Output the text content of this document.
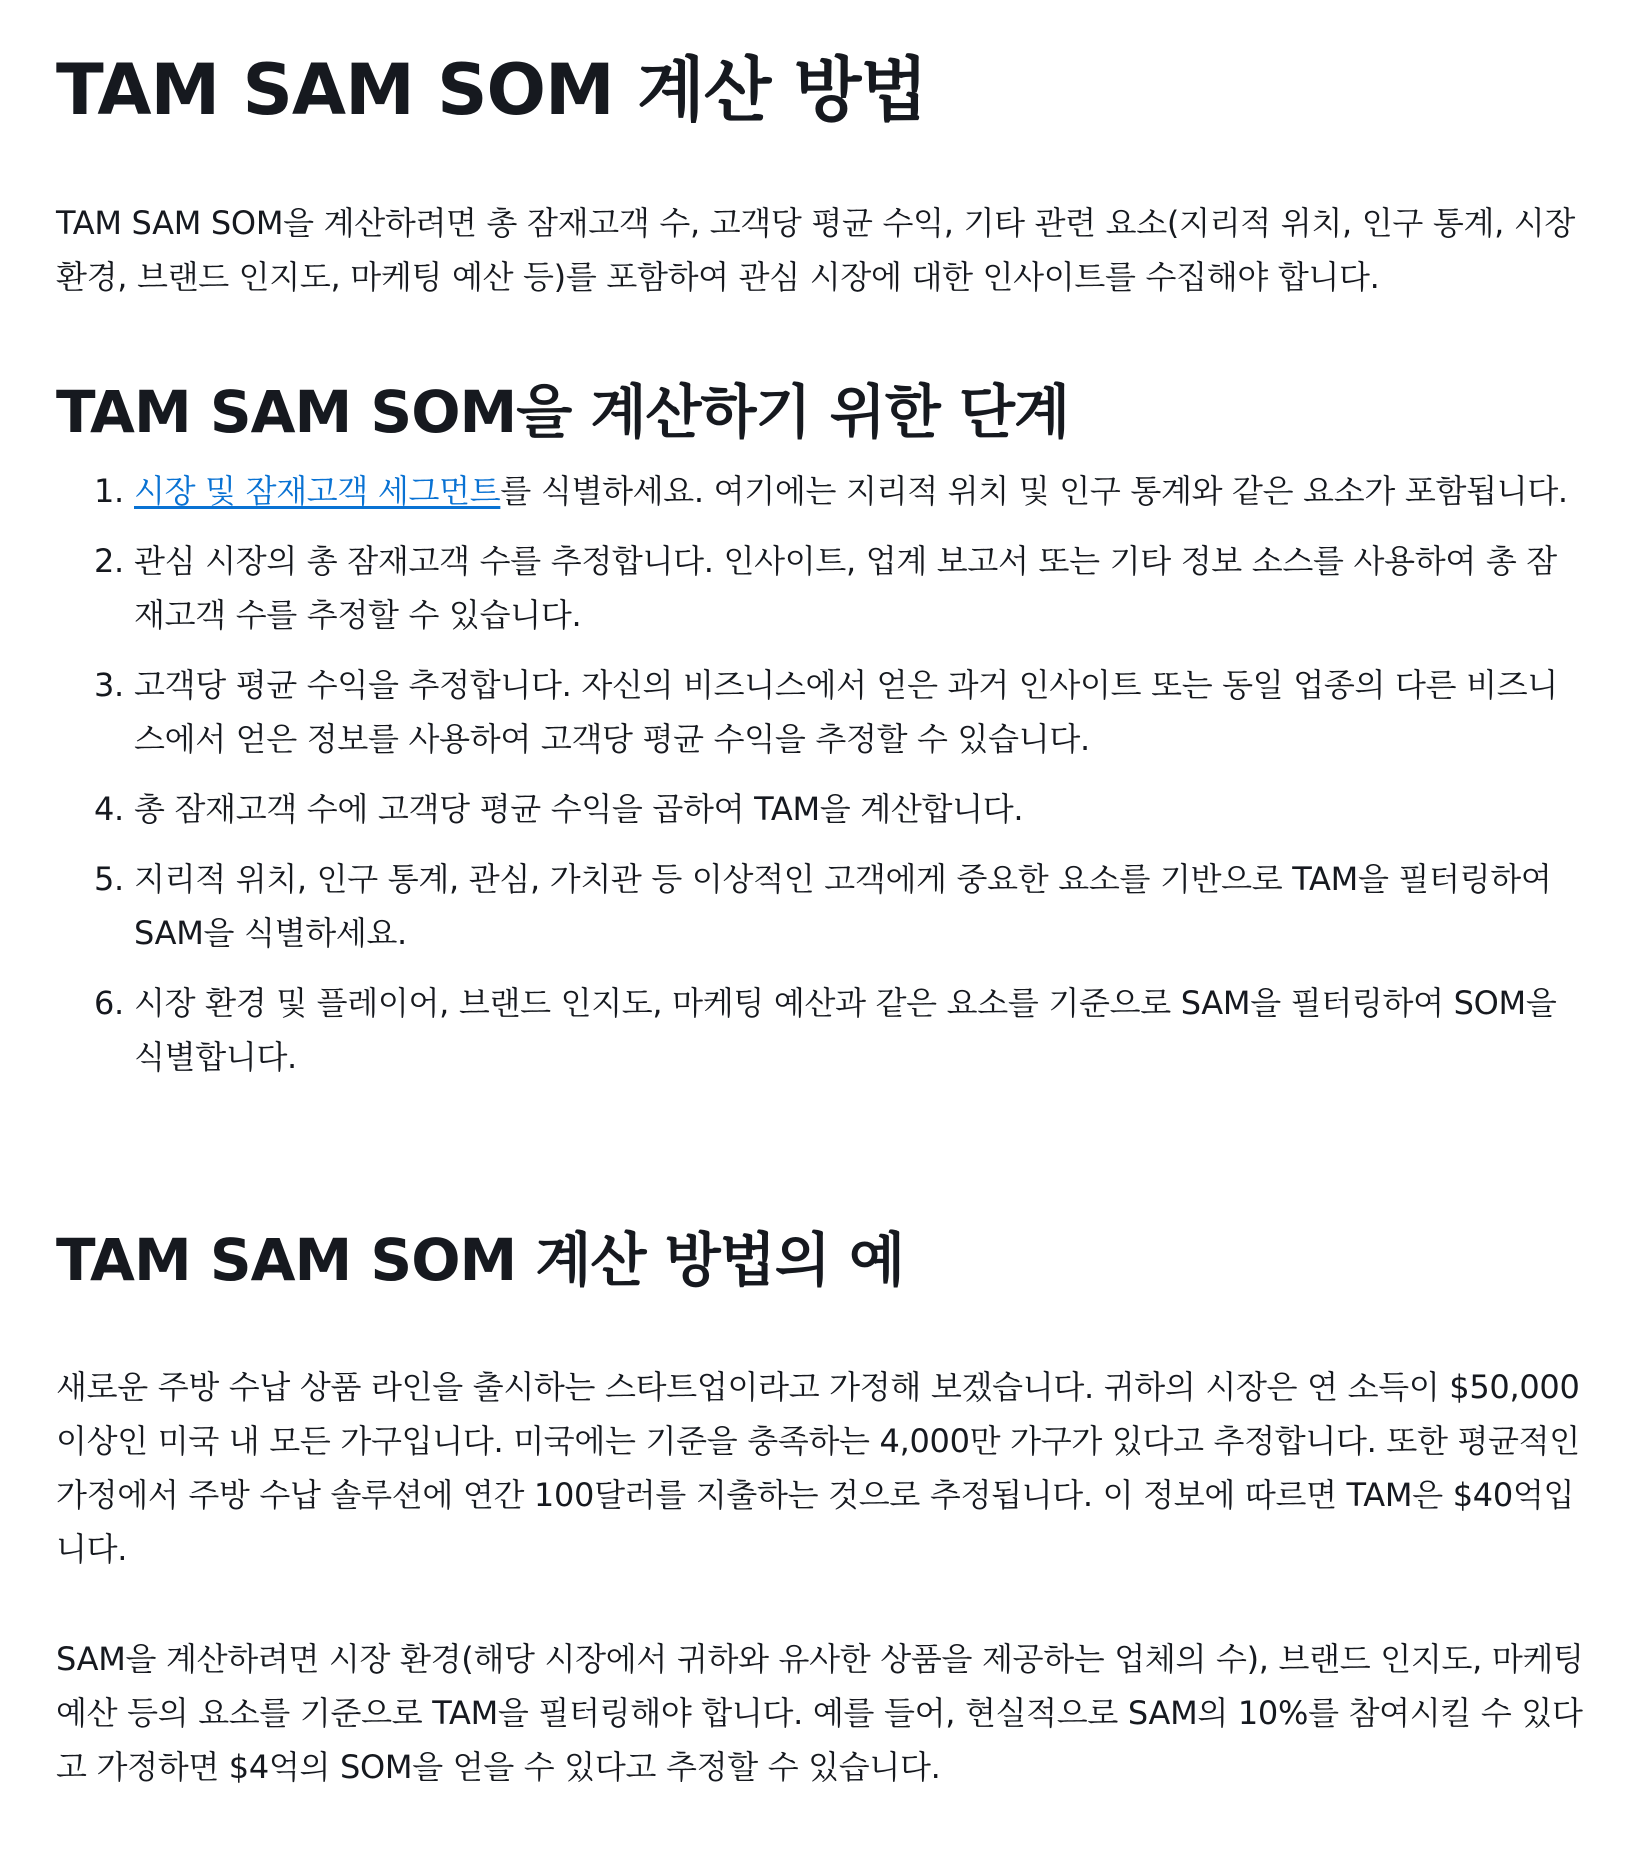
TAM SAM SOM 계산 방법

TAM SAM SOM을 계산하려면 총 잠재고객 수, 고객당 평균 수익, 기타 관련 요소(지리적 위치, 인구 통계, 시장 환경, 브랜드 인지도, 마케팅 예산 등)를 포함하여 관심 시장에 대한 인사이트를 수집해야 합니다.

TAM SAM SOM을 계산하기 위한 단계
1. 시장 및 잠재고객 세그먼트를 식별하세요. 여기에는 지리적 위치 및 인구 통계와 같은 요소가 포함됩니다.
2. 관심 시장의 총 잠재고객 수를 추정합니다. 인사이트, 업계 보고서 또는 기타 정보 소스를 사용하여 총 잠재고객 수를 추정할 수 있습니다.
3. 고객당 평균 수익을 추정합니다. 자신의 비즈니스에서 얻은 과거 인사이트 또는 동일 업종의 다른 비즈니스에서 얻은 정보를 사용하여 고객당 평균 수익을 추정할 수 있습니다.
4. 총 잠재고객 수에 고객당 평균 수익을 곱하여 TAM을 계산합니다.
5. 지리적 위치, 인구 통계, 관심, 가치관 등 이상적인 고객에게 중요한 요소를 기반으로 TAM을 필터링하여 SAM을 식별하세요.
6. 시장 환경 및 플레이어, 브랜드 인지도, 마케팅 예산과 같은 요소를 기준으로 SAM을 필터링하여 SOM을 식별합니다.
TAM SAM SOM 계산 방법의 예

새로운 주방 수납 상품 라인을 출시하는 스타트업이라고 가정해 보겠습니다. 귀하의 시장은 연 소득이 $50,000 이상인 미국 내 모든 가구입니다. 미국에는 기준을 충족하는 4,000만 가구가 있다고 추정합니다. 또한 평균적인 가정에서 주방 수납 솔루션에 연간 100달러를 지출하는 것으로 추정됩니다. 이 정보에 따르면 TAM은 $40억입니다.

SAM을 계산하려면 시장 환경(해당 시장에서 귀하와 유사한 상품을 제공하는 업체의 수), 브랜드 인지도, 마케팅 예산 등의 요소를 기준으로 TAM을 필터링해야 합니다. 예를 들어, 현실적으로 SAM의 10%를 참여시킬 수 있다고 가정하면 $4억의 SOM을 얻을 수 있다고 추정할 수 있습니다.
